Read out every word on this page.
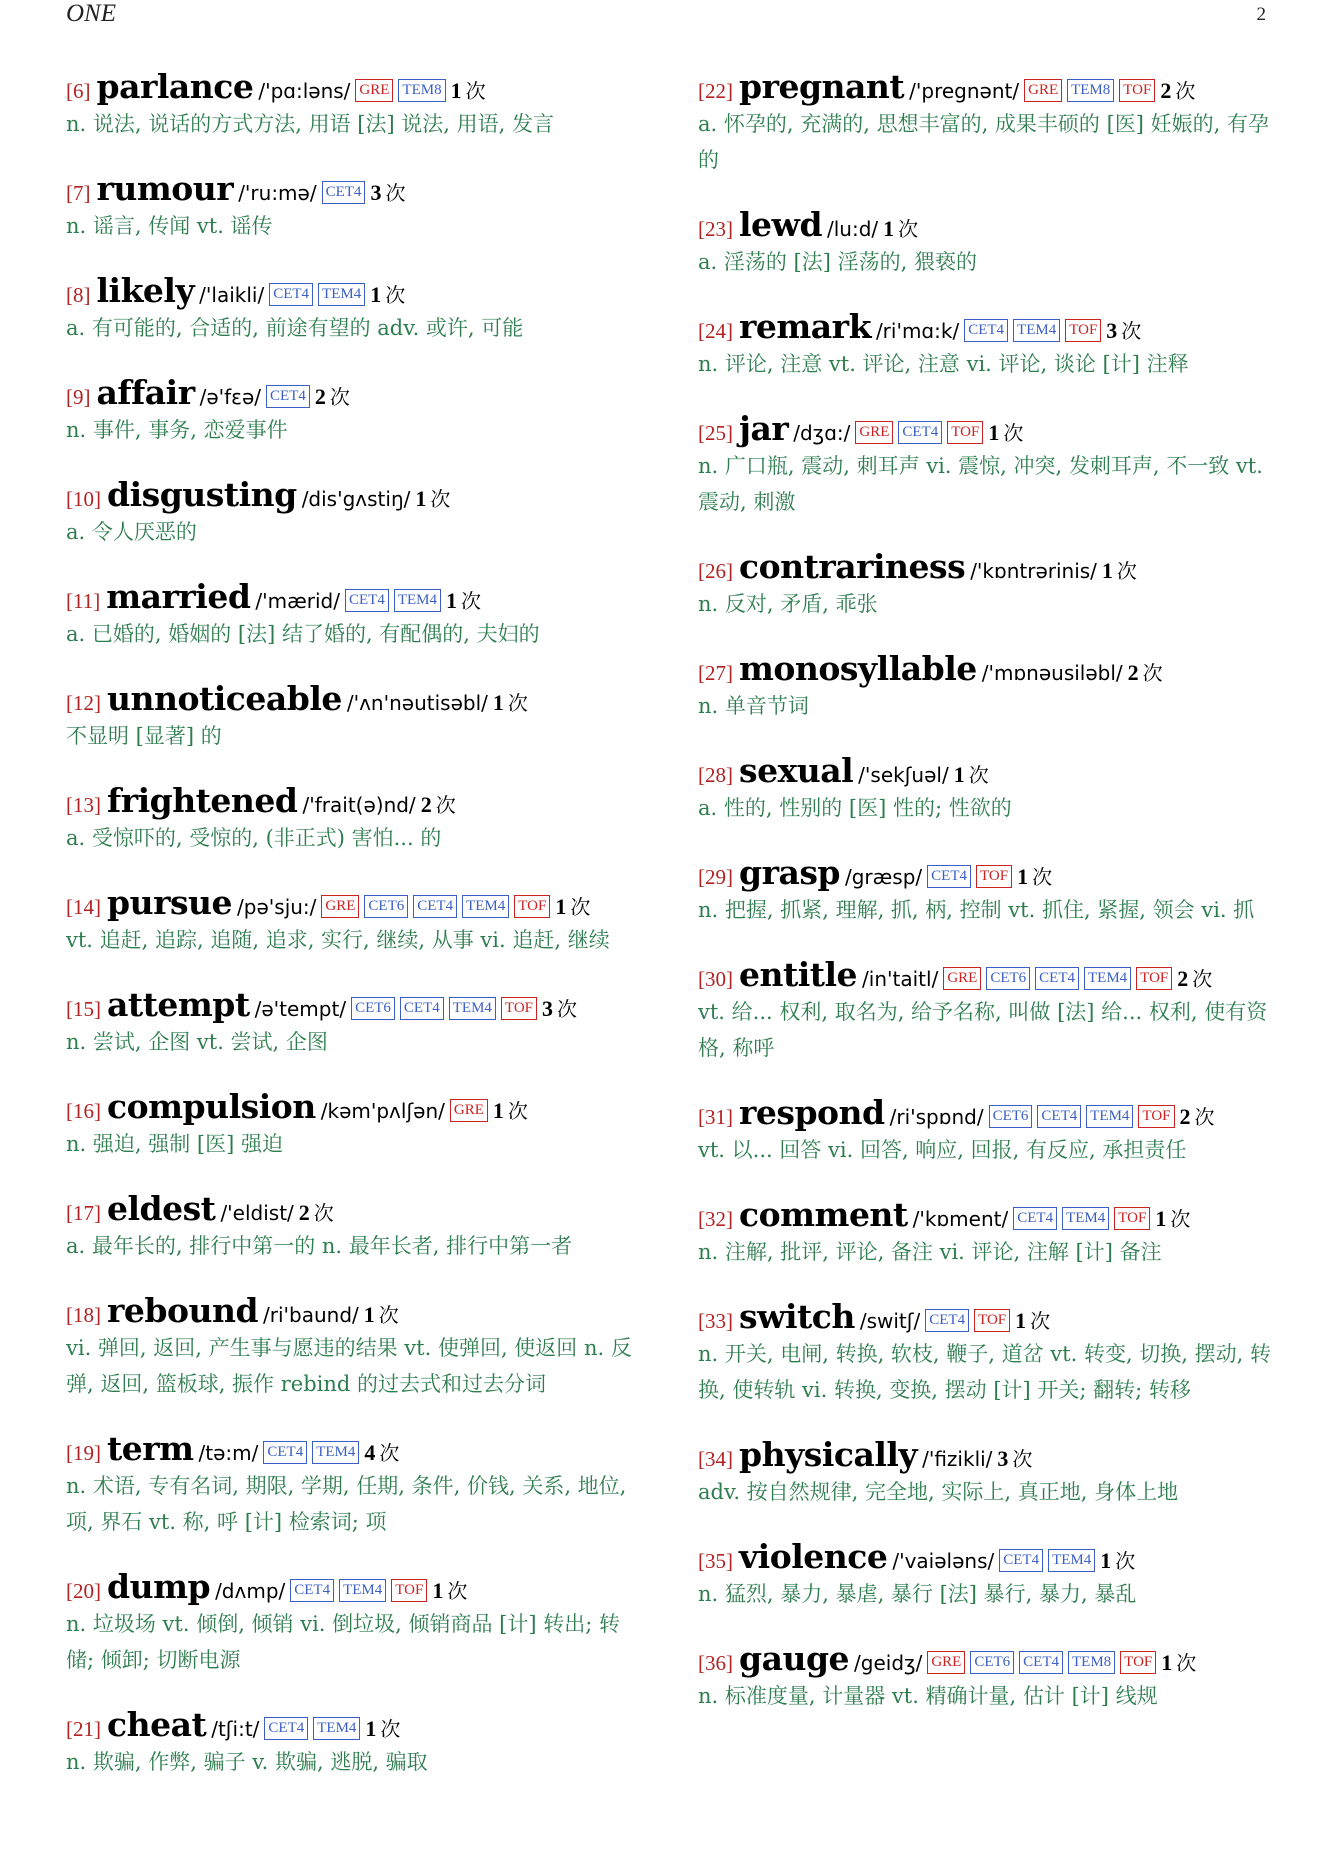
ONE	2
[6] parlance /'pɑ:ləns/ GRE TEM8 1 次
n. 说法, 说话的方式方法, 用语 [法] 说法, 用语, 发言
[7] rumour /'ru:mə/ CET4 3 次
n. 谣言, 传闻 vt. 谣传
[8] likely /'laikli/ CET4 TEM4 1 次
a. 有可能的, 合适的, 前途有望的 adv. 或许, 可能
[9] affair /ə'fεə/ CET4 2 次
n. 事件, 事务, 恋爱事件
[10] disgusting /dis'gʌstiŋ/ 1 次
a. 令人厌恶的
[11] married /'mærid/ CET4 TEM4 1 次
a. 已婚的, 婚姻的 [法] 结了婚的, 有配偶的, 夫妇的
[12] unnoticeable /'ʌn'nəutisəbl/ 1 次
不显明 [显著] 的
[13] frightened /'frait(ə)nd/ 2 次
a. 受惊吓的, 受惊的, (非正式) 害怕... 的
[14] pursue /pə'sju:/ GRE CET6 CET4 TEM4 TOF 1 次
vt. 追赶, 追踪, 追随, 追求, 实行, 继续, 从事 vi. 追赶, 继续
[15] attempt /ə'tempt/ CET6 CET4 TEM4 TOF 3 次
n. 尝试, 企图 vt. 尝试, 企图
[16] compulsion /kəm'pʌlʃən/ GRE 1 次
n. 强迫, 强制 [医] 强迫
[17] eldest /'eldist/ 2 次
a. 最年长的, 排行中第一的 n. 最年长者, 排行中第一者
[18] rebound /ri'baund/ 1 次
vi. 弹回, 返回, 产生事与愿违的结果 vt. 使弹回, 使返回 n. 反弹, 返回, 篮板球, 振作 rebind 的过去式和过去分词
[19] term /tə:m/ CET4 TEM4 4 次
n. 术语, 专有名词, 期限, 学期, 任期, 条件, 价钱, 关系, 地位, 项, 界石 vt. 称, 呼 [计] 检索词; 项
[20] dump /dʌmp/ CET4 TEM4 TOF 1 次
n. 垃圾场 vt. 倾倒, 倾销 vi. 倒垃圾, 倾销商品 [计] 转出; 转储; 倾卸; 切断电源
[21] cheat /tʃi:t/ CET4 TEM4 1 次
n. 欺骗, 作弊, 骗子 v. 欺骗, 逃脱, 骗取
[22] pregnant /'pregnənt/ GRE TEM8 TOF 2 次
a. 怀孕的, 充满的, 思想丰富的, 成果丰硕的 [医] 妊娠的, 有孕的
[23] lewd /lu:d/ 1 次
a. 淫荡的 [法] 淫荡的, 猥亵的
[24] remark /ri'mɑ:k/ CET4 TEM4 TOF 3 次
n. 评论, 注意 vt. 评论, 注意 vi. 评论, 谈论 [计] 注释
[25] jar /dʒɑ:/ GRE CET4 TOF 1 次
n. 广口瓶, 震动, 刺耳声 vi. 震惊, 冲突, 发刺耳声, 不一致 vt. 震动, 刺激
[26] contrariness /'kɒntrərinis/ 1 次
n. 反对, 矛盾, 乖张
[27] monosyllable /'mɒnəusiləbl/ 2 次
n. 单音节词
[28] sexual /'sekʃuəl/ 1 次
a. 性的, 性别的 [医] 性的; 性欲的
[29] grasp /græsp/ CET4 TOF 1 次
n. 把握, 抓紧, 理解, 抓, 柄, 控制 vt. 抓住, 紧握, 领会 vi. 抓
[30] entitle /in'taitl/ GRE CET6 CET4 TEM4 TOF 2 次
vt. 给... 权利, 取名为, 给予名称, 叫做 [法] 给... 权利, 使有资格, 称呼
[31] respond /ri'spɒnd/ CET6 CET4 TEM4 TOF 2 次
vt. 以... 回答 vi. 回答, 响应, 回报, 有反应, 承担责任
[32] comment /'kɒment/ CET4 TEM4 TOF 1 次
n. 注解, 批评, 评论, 备注 vi. 评论, 注解 [计] 备注
[33] switch /switʃ/ CET4 TOF 1 次
n. 开关, 电闸, 转换, 软枝, 鞭子, 道岔 vt. 转变, 切换, 摆动, 转换, 使转轨 vi. 转换, 变换, 摆动 [计] 开关; 翻转; 转移
[34] physically /'fizikli/ 3 次
adv. 按自然规律, 完全地, 实际上, 真正地, 身体上地
[35] violence /'vaiələns/ CET4 TEM4 1 次
n. 猛烈, 暴力, 暴虐, 暴行 [法] 暴行, 暴力, 暴乱
[36] gauge /geidʒ/ GRE CET6 CET4 TEM8 TOF 1 次
n. 标准度量, 计量器 vt. 精确计量, 估计 [计] 线规
